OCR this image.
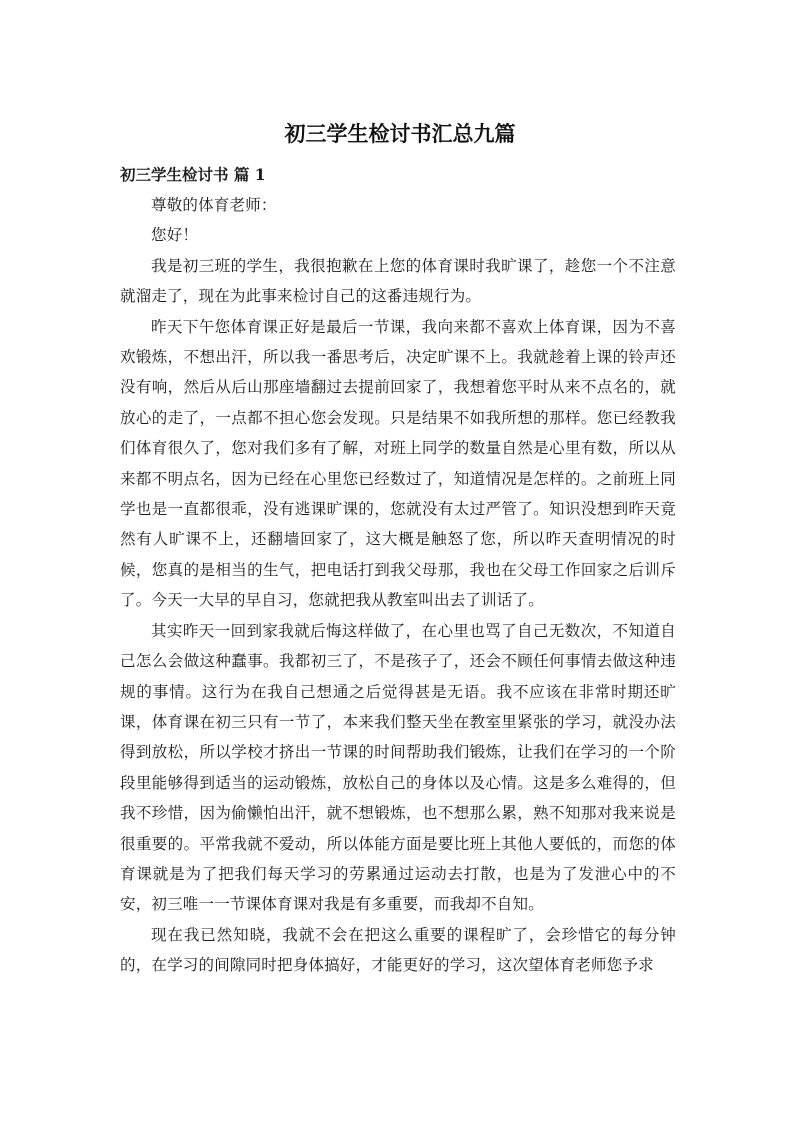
初三学生检讨书汇总九篇
初三学生检讨书 篇 1

尊敬的体育老师：

您好！

我是初三班的学生，我很抱歉在上您的体育课时我旷课了，趁您一个不注意就溜走了，现在为此事来检讨自己的这番违规行为。

昨天下午您体育课正好是最后一节课，我向来都不喜欢上体育课，因为不喜欢锻炼，不想出汗，所以我一番思考后，决定旷课不上。我就趁着上课的铃声还没有响，然后从后山那座墙翻过去提前回家了，我想着您平时从来不点名的，就放心的走了，一点都不担心您会发现。只是结果不如我所想的那样。您已经教我们体育很久了，您对我们多有了解，对班上同学的数量自然是心里有数，所以从来都不明点名，因为已经在心里您已经数过了，知道情况是怎样的。之前班上同学也是一直都很乖，没有逃课旷课的，您就没有太过严管了。知识没想到昨天竟然有人旷课不上，还翻墙回家了，这大概是触怒了您，所以昨天查明情况的时候，您真的是相当的生气，把电话打到我父母那，我也在父母工作回家之后训斥了。今天一大早的早自习，您就把我从教室叫出去了训话了。

其实昨天一回到家我就后悔这样做了，在心里也骂了自己无数次，不知道自己怎么会做这种蠢事。我都初三了，不是孩子了，还会不顾任何事情去做这种违规的事情。这行为在我自己想通之后觉得甚是无语。我不应该在非常时期还旷课，体育课在初三只有一节了，本来我们整天坐在教室里紧张的学习，就没办法得到放松，所以学校才挤出一节课的时间帮助我们锻炼，让我们在学习的一个阶段里能够得到适当的运动锻炼，放松自己的身体以及心情。这是多么难得的，但我不珍惜，因为偷懒怕出汗，就不想锻炼，也不想那么累，熟不知那对我来说是很重要的。平常我就不爱动，所以体能方面是要比班上其他人要低的，而您的体育课就是为了把我们每天学习的劳累通过运动去打散，也是为了发泄心中的不安，初三唯一一节课体育课对我是有多重要，而我却不自知。

现在我已然知晓，我就不会在把这么重要的课程旷了，会珍惜它的每分钟的，在学习的间隙同时把身体搞好，才能更好的学习，这次望体育老师您予求
